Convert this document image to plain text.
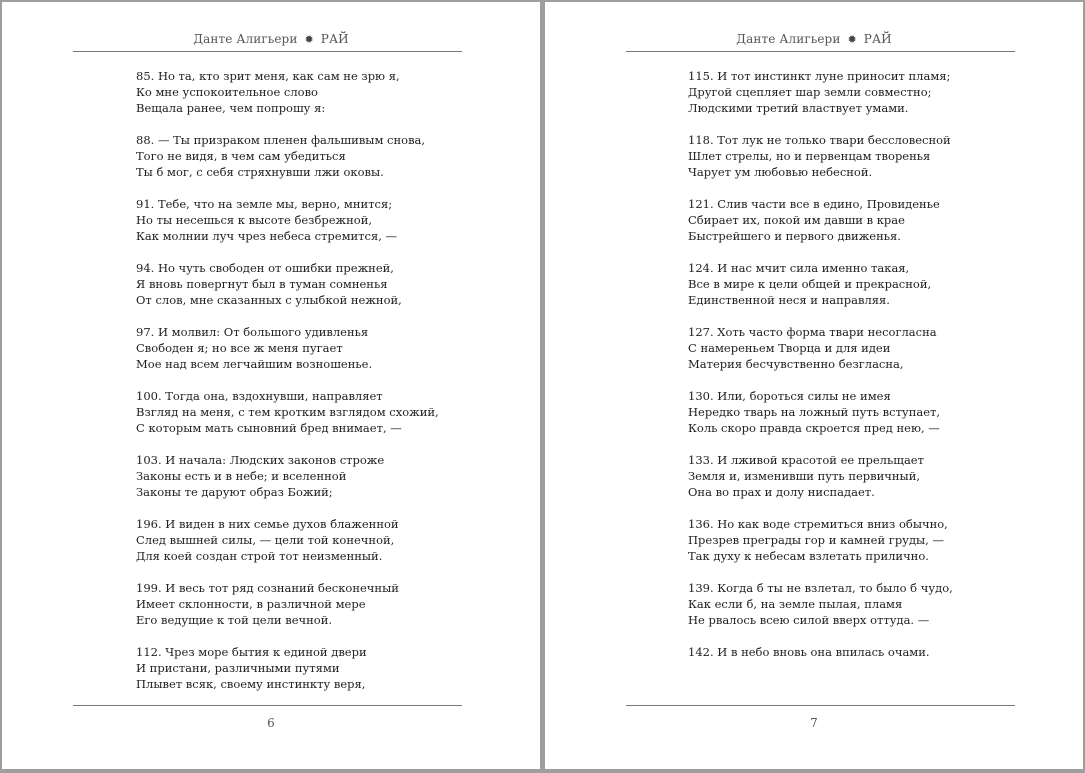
Данте Алигьери ✹ РАЙ
85. Но та, кто зрит меня, как сам не зрю я,
Ко мне успокоительное слово
Вещала ранее, чем попрошу я:
88. — Ты призраком пленен фальшивым снова,
Того не видя, в чем сам убедиться
Ты б мог, с себя стряхнувши лжи оковы.
91. Тебе, что на земле мы, верно, мнится;
Но ты несешься к высоте безбрежной,
Как молнии луч чрез небеса стремится, —
94. Но чуть свободен от ошибки прежней,
Я вновь повергнут был в туман сомненья
От слов, мне сказанных с улыбкой нежной,
97. И молвил: От большого удивленья
Свободен я; но все ж меня пугает
Мое над всем легчайшим возношенье.
100. Тогда она, вздохнувши, направляет
Взгляд на меня, с тем кротким взглядом схожий,
С которым мать сыновний бред внимает, —
103. И начала: Людских законов строже
Законы есть и в небе; и вселенной
Законы те даруют образ Божий;
196. И виден в них семье духов блаженной
След вышней силы, — цели той конечной,
Для коей создан строй тот неизменный.
199. И весь тот ряд сознаний бесконечный
Имеет склонности, в различной мере
Его ведущие к той цели вечной.
112. Чрез море бытия к единой двери
И пристани, различными путями
Плывет всяк, своему инстинкту веря,
6
Данте Алигьери ✹ РАЙ
115. И тот инстинкт луне приносит пламя;
Другой сцепляет шар земли совместно;
Людскими третий властвует умами.
118. Тот лук не только твари бессловесной
Шлет стрелы, но и первенцам творенья
Чарует ум любовью небесной.
121. Слив части все в едино, Провиденье
Сбирает их, покой им давши в крае
Быстрейшего и первого движенья.
124. И нас мчит сила именно такая,
Все в мире к цели общей и прекрасной,
Единственной неся и направляя.
127. Хоть часто форма твари несогласна
С намереньем Творца и для идеи
Материя бесчувственно безгласна,
130. Или, бороться силы не имея
Нередко тварь на ложный путь вступает,
Коль скоро правда скроется пред нею, —
133. И лживой красотой ее прельщает
Земля и, изменивши путь первичный,
Она во прах и долу ниспадает.
136. Но как воде стремиться вниз обычно,
Презрев преграды гор и камней груды, —
Так духу к небесам взлетать прилично.
139. Когда б ты не взлетал, то было б чудо,
Как если б, на земле пылая, пламя
Не рвалось всею силой вверх оттуда. —
142. И в небо вновь она впилась очами.
7
